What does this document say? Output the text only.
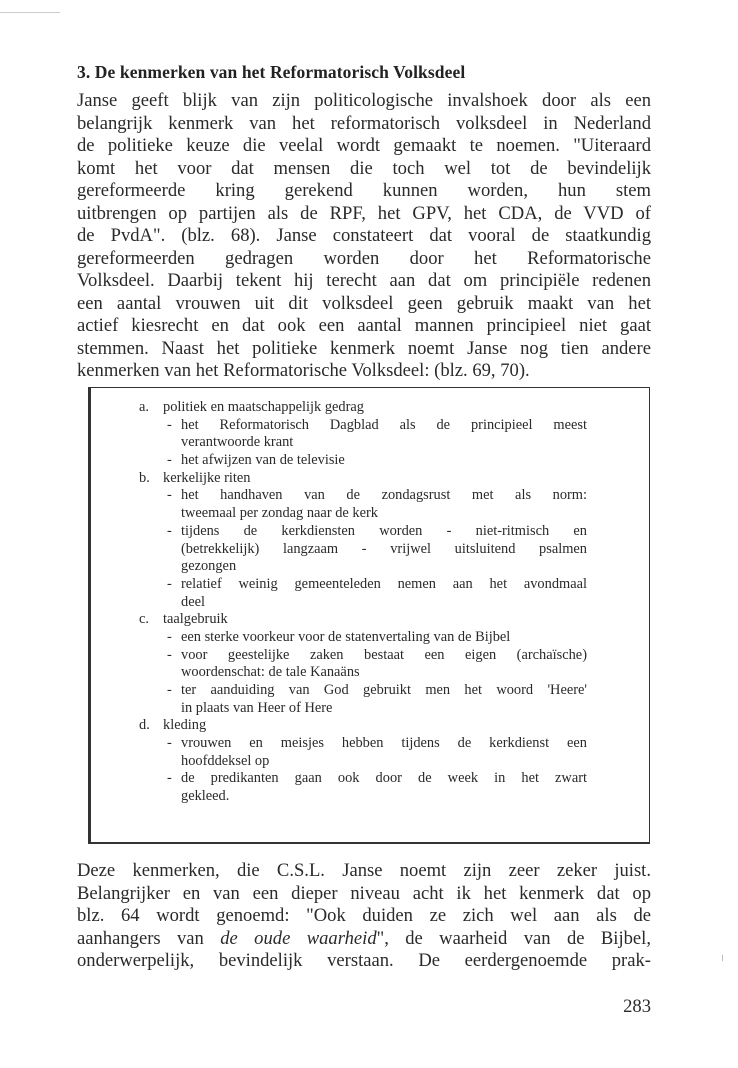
3. De kenmerken van het Reformatorisch Volksdeel
Janse geeft blijk van zijn politicologische invalshoek door als een
belangrijk kenmerk van het reformatorisch volksdeel in Nederland
de politieke keuze die veelal wordt gemaakt te noemen. "Uiteraard
komt het voor dat mensen die toch wel tot de bevindelijk
gereformeerde kring gerekend kunnen worden, hun stem
uitbrengen op partijen als de RPF, het GPV, het CDA, de VVD of
de PvdA". (blz. 68). Janse constateert dat vooral de staatkundig
gereformeerden gedragen worden door het Reformatorische
Volksdeel. Daarbij tekent hij terecht aan dat om principiële redenen
een aantal vrouwen uit dit volksdeel geen gebruik maakt van het
actief kiesrecht en dat ook een aantal mannen principieel niet gaat
stemmen. Naast het politieke kenmerk noemt Janse nog tien andere
kenmerken van het Reformatorische Volksdeel: (blz. 69, 70).
a. politiek en maatschappelijk gedrag
- het Reformatorisch Dagblad als de principieel meest
verantwoorde krant
- het afwijzen van de televisie
b. kerkelijke riten
- het handhaven van de zondagsrust met als norm:
tweemaal per zondag naar de kerk
- tijdens de kerkdiensten worden - niet-ritmisch en
(betrekkelijk) langzaam - vrijwel uitsluitend psalmen
gezongen
- relatief weinig gemeenteleden nemen aan het avondmaal
deel
c. taalgebruik
- een sterke voorkeur voor de statenvertaling van de Bijbel
- voor geestelijke zaken bestaat een eigen (archaïsche)
woordenschat: de tale Kanaäns
- ter aanduiding van God gebruikt men het woord 'Heere'
in plaats van Heer of Here
d. kleding
- vrouwen en meisjes hebben tijdens de kerkdienst een
hoofddeksel op
- de predikanten gaan ook door de week in het zwart
gekleed.
Deze kenmerken, die C.S.L. Janse noemt zijn zeer zeker juist.
Belangrijker en van een dieper niveau acht ik het kenmerk dat op
blz. 64 wordt genoemd: "Ook duiden ze zich wel aan als de
aanhangers van de oude waarheid", de waarheid van de Bijbel,
onderwerpelijk, bevindelijk verstaan. De eerdergenoemde prak-
283
